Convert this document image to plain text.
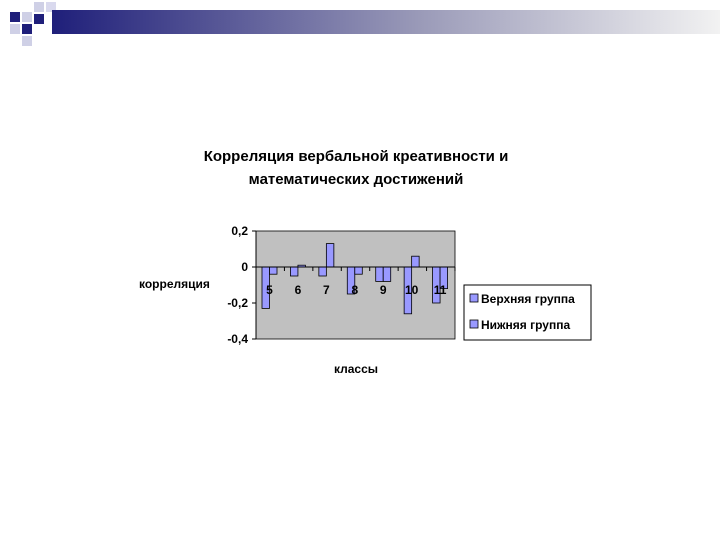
Корреляция вербальной креативности и
математических достижений
корреляция
классы
0,2
0
-0,2
-0,4
5 6 7 8 9 10 11
Верхняя группа
Нижняя группа
